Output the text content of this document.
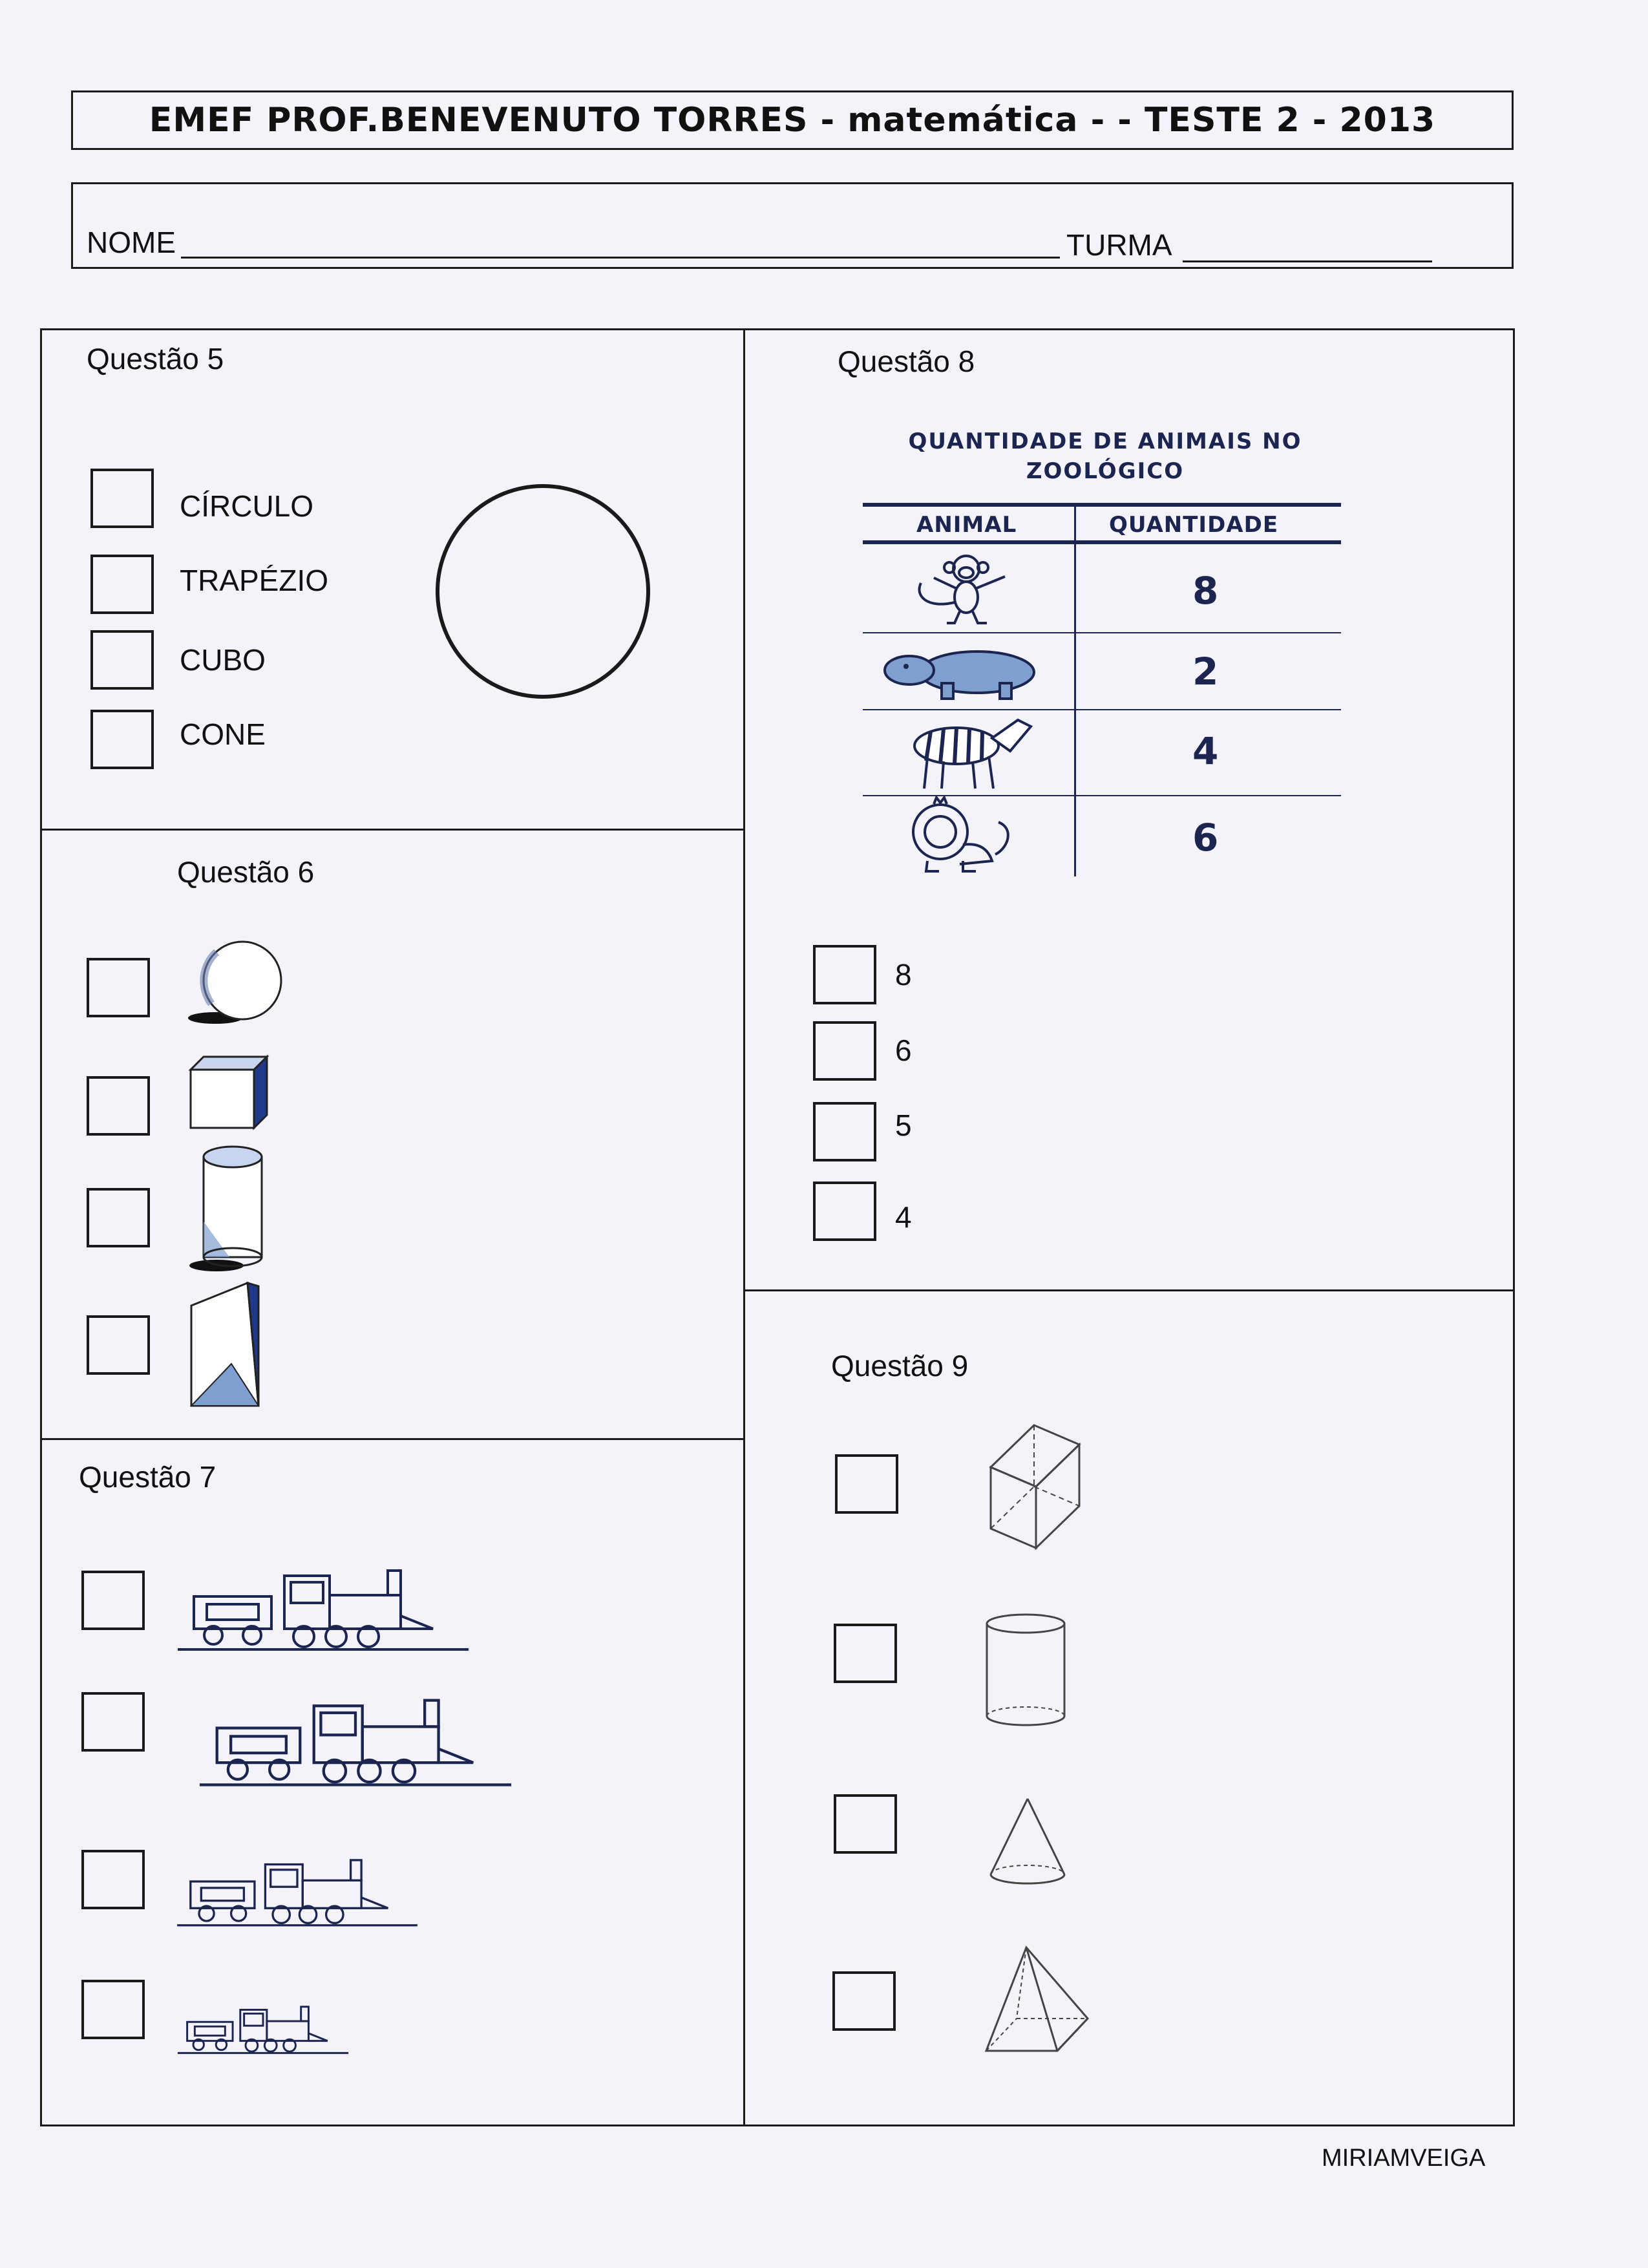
EMEF PROF.BENEVENUTO TORRES - matemática - - TESTE 2 - 2013
NOME	TURMA
Questão 5
CÍRCULO
TRAPÉZIO
CUBO
CONE
Questão 6
Questão 7
Questão 8
QUANTIDADE DE ANIMAIS NO
ZOOLÓGICO
ANIMAL	QUANTIDADE
8
2
4
6
8
6
5
4
Questão 9
MIRIAMVEIGA
